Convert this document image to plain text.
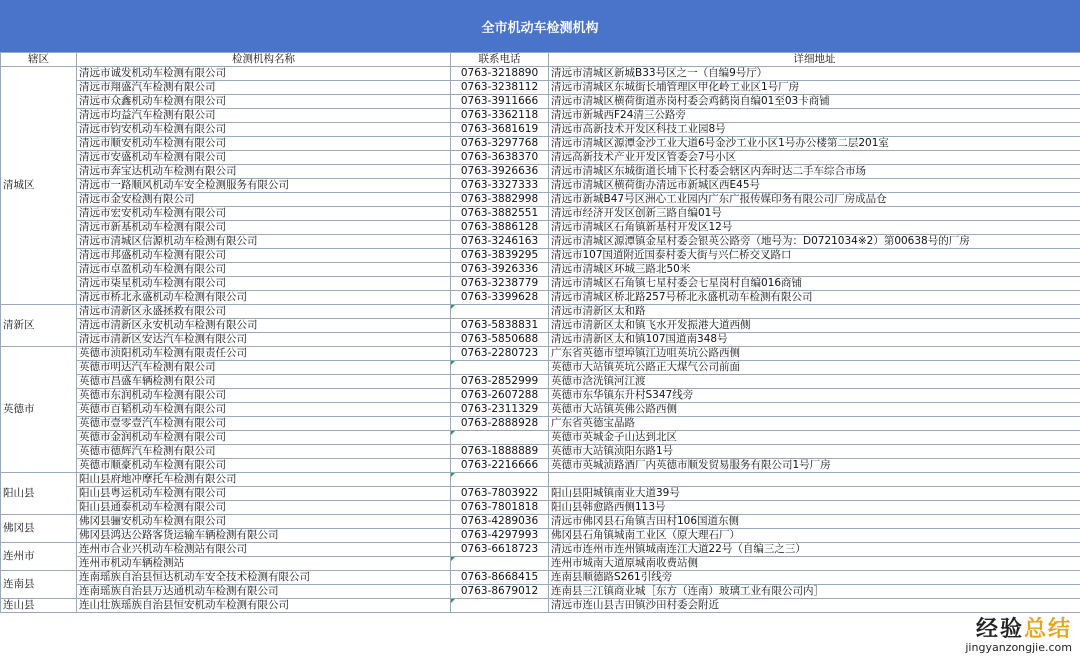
全市机动车检测机构
辖区	检测机构名称	联系电话	详细地址
清城区	清远市诚发机动车检测有限公司	0763-3218890	清远市清城区新城B33号区之一（自编9号厅）
	清远市翔盛汽车检测有限公司	0763-3238112	清远市清城区东城街长埔管理区甲化岭工业区1号厂房
	清远市众鑫机动车检测有限公司	0763-3911666	清远市清城区横荷街道赤岗村委会鸡鹤岗自编01至03卡商铺
	清远市均益汽车检测有限公司	0763-3362118	清远市新城西F24清三公路旁
	清远市钧安机动车检测有限公司	0763-3681619	清远市高新技术开发区科技工业园8号
	清远市顺安机动车检测有限公司	0763-3297768	清远市清城区源潭金沙工业大道6号金沙工业小区1号办公楼第二层201室
	清远市安盛机动车检测有限公司	0763-3638370	清远高新技术产业开发区管委会7号小区
	清远市奔宝达机动车检测有限公司	0763-3926636	清远市清城区东城街道长埔下长村委会辖区内奔时达二手车综合市场
	清远市一路顺风机动车安全检测服务有限公司	0763-3327333	清远市清城区横荷街办清远市新城区西E45号
	清远市金安检测有限公司	0763-3882998	清远市新城B47号区洲心工业园内广东广报传媒印务有限公司厂房成品仓
	清远市宏安机动车检测有限公司	0763-3882551	清远市经济开发区创新三路自编01号
	清远市新基机动车检测有限公司	0763-3886128	清远市清城区石角镇新基村开发区12号
	清远市清城区信源机动车检测有限公司	0763-3246163	清远市清城区源潭镇金星村委会银英公路旁（地号为：D0721034※2）第00638号的厂房
	清远市邦盛机动车检测有限公司	0763-3839295	清远市107国道附近国泰村委大街与兴仁桥交叉路口
	清远市卓盈机动车检测有限公司	0763-3926336	清远市清城区环城三路北50米
	清远市柒星机动车检测有限公司	0763-3238779	清远市清城区石角镇七星村委会七星岗村自编016商铺
	清远市桥北永盛机动车检测有限公司	0763-3399628	清远市清城区桥北路257号桥北永盛机动车检测有限公司
清新区	清远市清新区永盛拯救有限公司		清远市清新区太和路
	清远市清新区永安机动车检测有限公司	0763-5838831	清远市清新区太和镇飞水开发振港大道西侧
	清远市清新区安达汽车检测有限公司	0763-5850688	清远市清新区太和镇107国道南348号
英德市	英德市浈阳机动车检测有限责任公司	0763-2280723	广东省英德市望埠镇江边咀英坑公路西侧
	英德市明达汽车检测有限公司		英德市大站镇英坑公路正大煤气公司前面
	英德市昌盛车辆检测有限公司	0763-2852999	英德市浛洸镇河江渡
	英德市东润机动车检测有限公司	0763-2607288	英德市东华镇东升村S347线旁
	英德市百韬机动车检测有限公司	0763-2311329	英德市大站镇英佛公路西侧
	英德市壹零壹汽车检测有限公司	0763-2888928	广东省英德宝晶路
	英德市金润机动车检测有限公司		英德市英城金子山达到北区
	英德市德辉汽车检测有限公司	0763-1888889	英德市大站镇浈阳东路1号
	英德市顺豪机动车检测有限公司	0763-2216666	英德市英城浈路酒厂内英德市顺发贸易服务有限公司1号厂房
阳山县	阳山县府地冲摩托车检测有限公司	

	阳山县粤运机动车检测有限公司	0763-7803922	阳山县阳城镇南业大道39号
	阳山县通泰机动车检测有限公司	0763-7801818	阳山县韩愈路西侧113号
佛冈县	佛冈县骊安机动车检测有限公司	0763-4289036	清远市佛冈县石角镇吉田村106国道东侧
	佛冈县鸿达公路客货运输车辆检测有限公司	0763-4297993	佛冈县石角镇城南工业区（原大理石厂）
连州市	连州市合业兴机动车检测站有限公司	0763-6618723	清远市连州市连州镇城南连江大道22号（自编三之三）
	连州市机动车辆检测站		连州市城南大道原城南收费站侧
连南县	连南瑶族自治县恒达机动车安全技术检测有限公司	0763-8668415	连南县顺德路S261引线旁
	连南瑶族自治县万达通机动车检测有限公司	0763-8679012	连南县三江镇商业城［东方（连南）玻璃工业有限公司内］
连山县	连山壮族瑶族自治县恒安机动车检测有限公司		清远市连山县吉田镇沙田村委会附近
经验总结
jingyanzongjie.com
